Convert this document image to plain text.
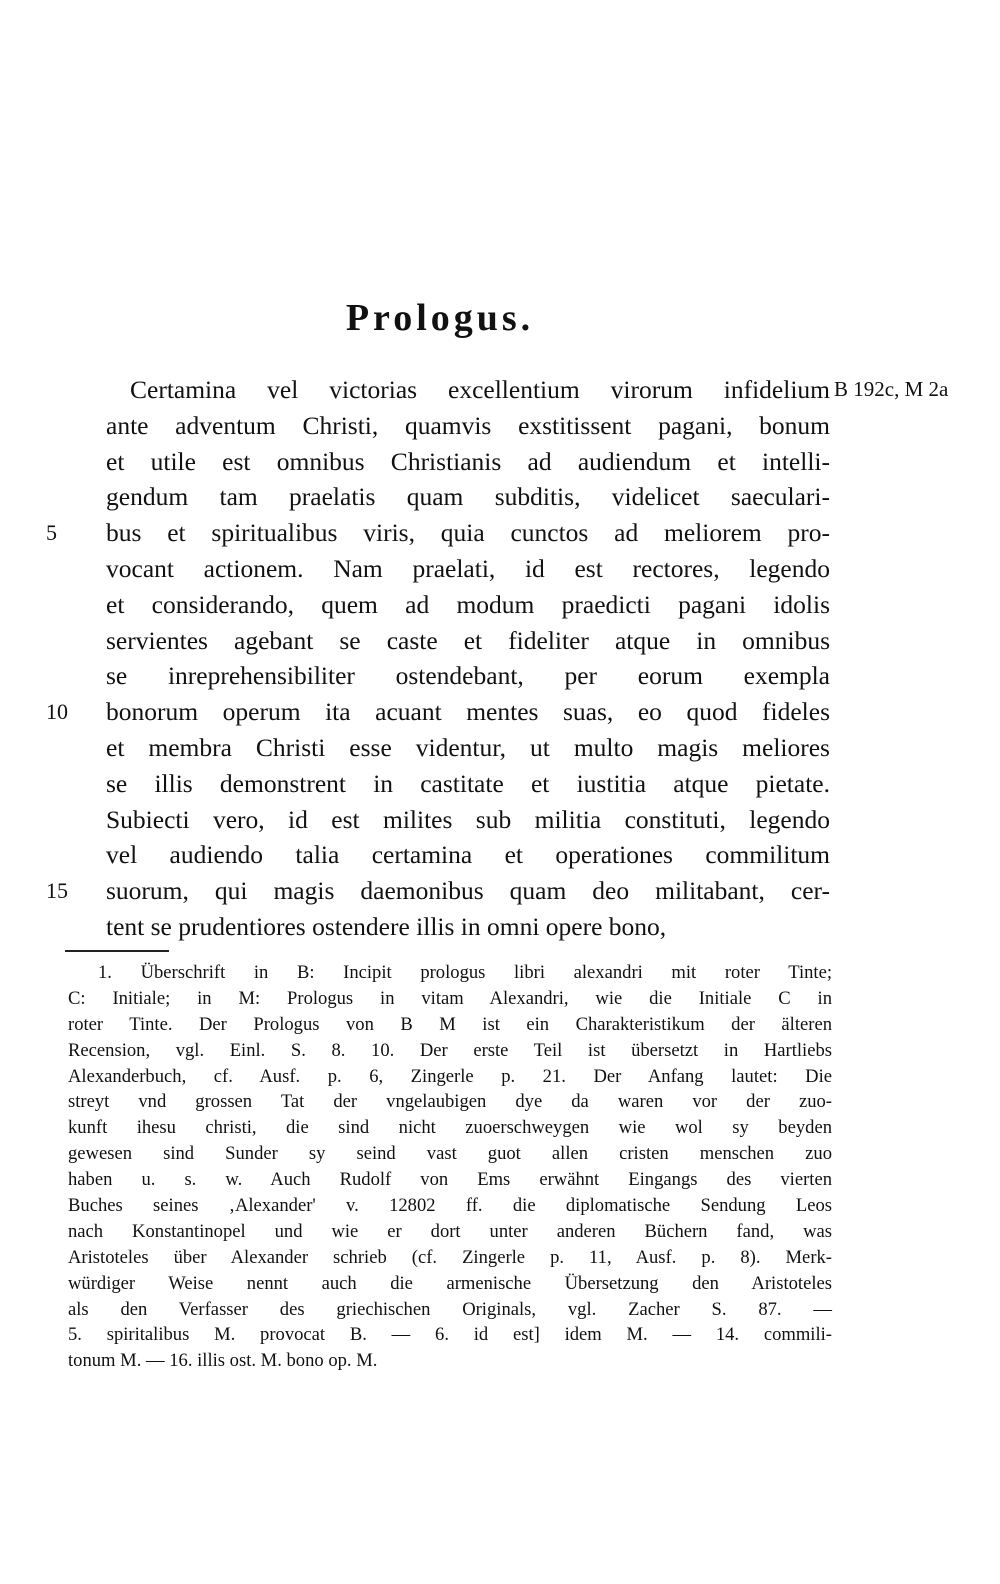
Prologus.
Certamina vel victorias excellentium virorum infidelium B 192c, M 2a
ante adventum Christi, quamvis exstitissent pagani, bonum
et utile est omnibus Christianis ad audiendum et intelli-
gendum tam praelatis quam subditis, videlicet saeculari-
5	bus et spiritualibus viris, quia cunctos ad meliorem pro-
vocant actionem. Nam praelati, id est rectores, legendo
et considerando, quem ad modum praedicti pagani idolis
servientes agebant se caste et fideliter atque in omnibus
se inreprehensibiliter ostendebant, per eorum exempla
10	bonorum operum ita acuant mentes suas, eo quod fideles
et membra Christi esse videntur, ut multo magis meliores
se illis demonstrent in castitate et iustitia atque pietate.
Subiecti vero, id est milites sub militia constituti, legendo
vel audiendo talia certamina et operationes commilitum
15	suorum, qui magis daemonibus quam deo militabant, cer-
tent se prudentiores ostendere illis in omni opere bono,
1. Überschrift in B: Incipit prologus libri alexandri mit roter Tinte;
C: Initiale; in M: Prologus in vitam Alexandri, wie die Initiale C in
roter Tinte. Der Prologus von B M ist ein Charakteristikum der älteren
Recension, vgl. Einl. S. 8. 10. Der erste Teil ist übersetzt in Hartliebs
Alexanderbuch, cf. Ausf. p. 6, Zingerle p. 21. Der Anfang lautet: Die
streyt vnd grossen Tat der vngelaubigen dye da waren vor der zuo-
kunft ihesu christi, die sind nicht zuoerschweygen wie wol sy beyden
gewesen sind Sunder sy seind vast guot allen cristen menschen zuo
haben u. s. w. Auch Rudolf von Ems erwähnt Eingangs des vierten
Buches seines ‚Alexander' v. 12802 ff. die diplomatische Sendung Leos
nach Konstantinopel und wie er dort unter anderen Büchern fand, was
Aristoteles über Alexander schrieb (cf. Zingerle p. 11, Ausf. p. 8). Merk-
würdiger Weise nennt auch die armenische Übersetzung den Aristoteles
als den Verfasser des griechischen Originals, vgl. Zacher S. 87. —
5. spiritalibus M. provocat B. — 6. id est] idem M. — 14. commili-
tonum M. — 16. illis ost. M. bono op. M.
